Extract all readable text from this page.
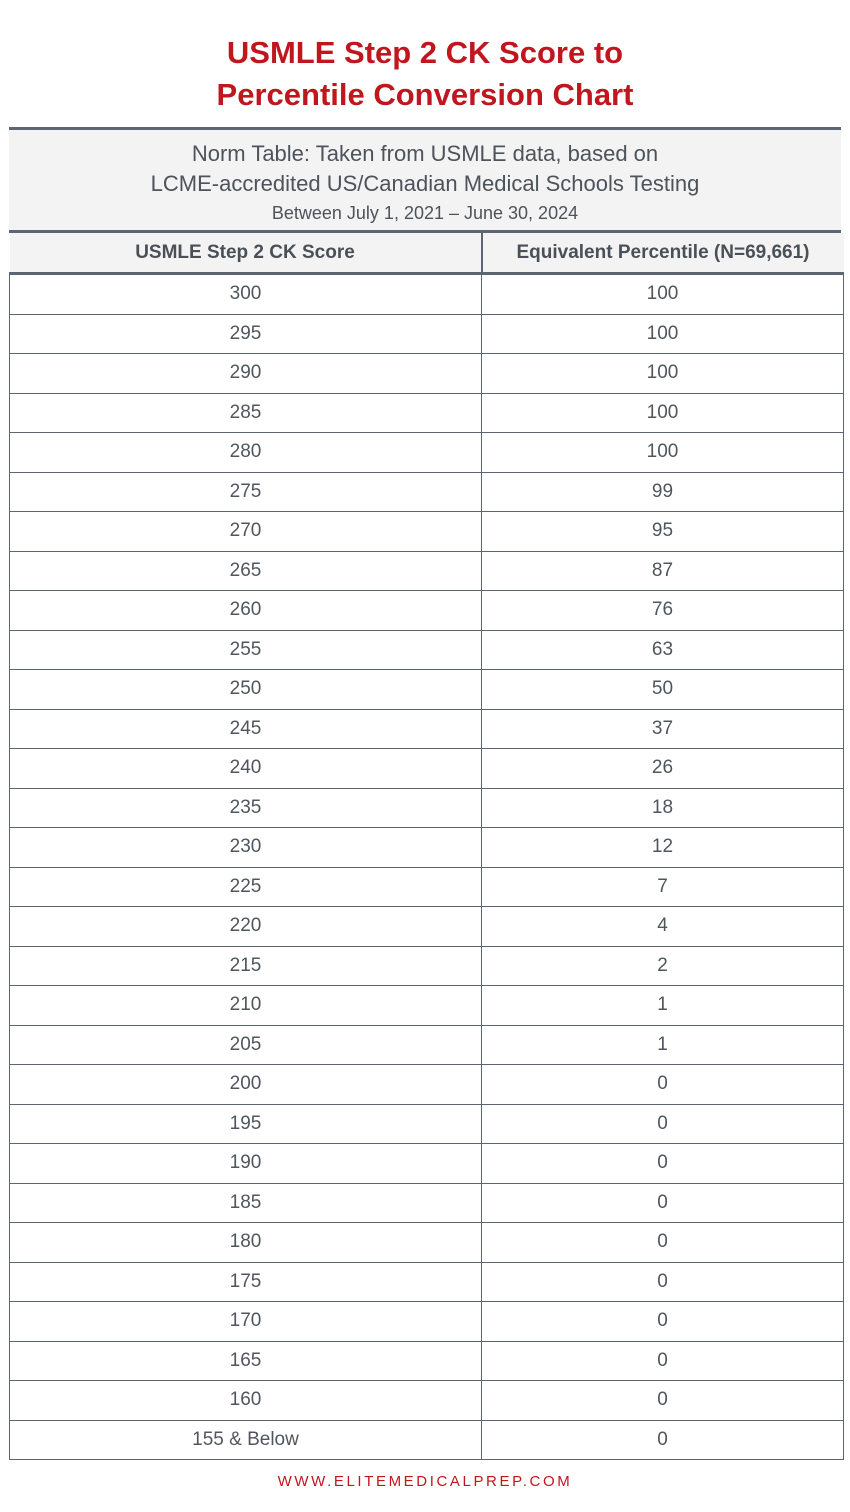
USMLE Step 2 CK Score to
Percentile Conversion Chart
Norm Table: Taken from USMLE data, based on
LCME-accredited US/Canadian Medical Schools Testing
Between July 1, 2021 – June 30, 2024
USMLE Step 2 CK Score	Equivalent Percentile (N=69,661)
300	100
295	100
290	100
285	100
280	100
275	99
270	95
265	87
260	76
255	63
250	50
245	37
240	26
235	18
230	12
225	7
220	4
215	2
210	1
205	1
200	0
195	0
190	0
185	0
180	0
175	0
170	0
165	0
160	0
155 & Below	0
WWW.ELITEMEDICALPREP.COM
